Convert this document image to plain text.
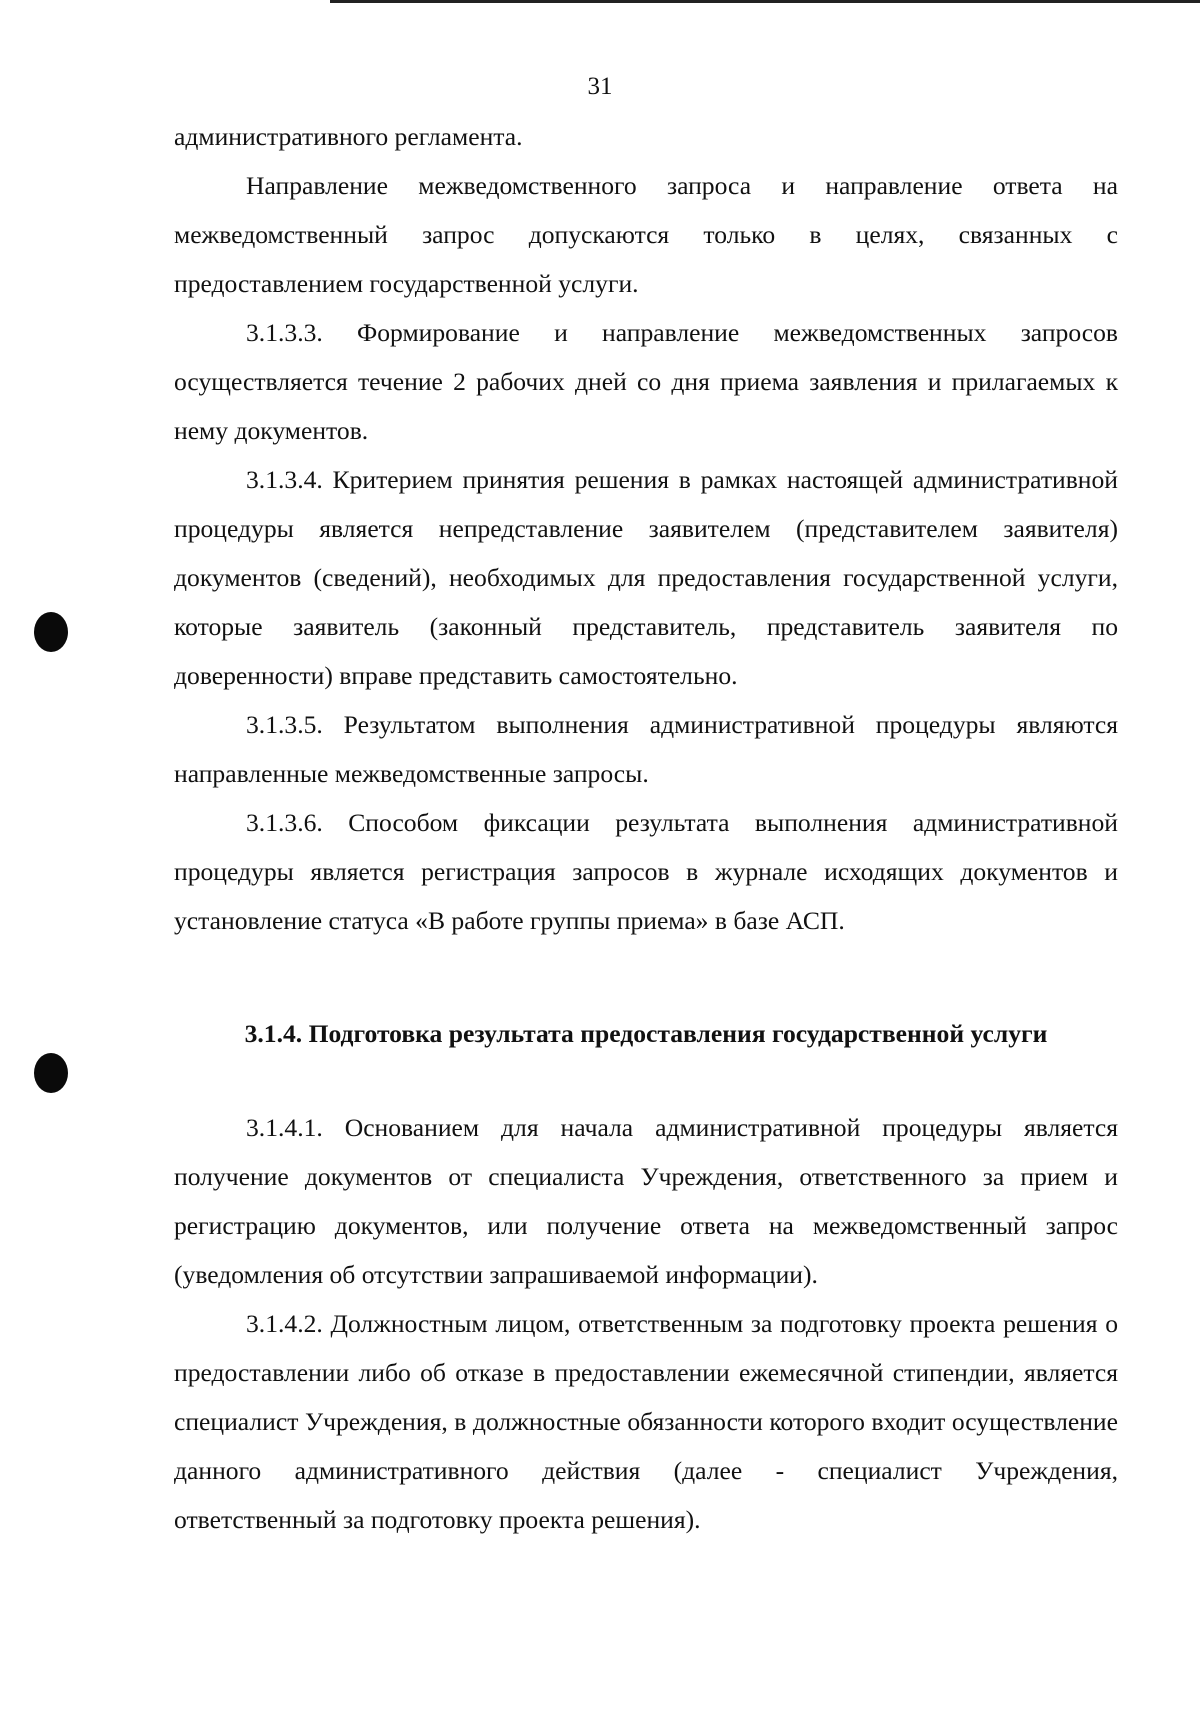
31

административного регламента.

Направление межведомственного запроса и направление ответа на межведомственный запрос допускаются только в целях, связанных с предоставлением государственной услуги.

3.1.3.3. Формирование и направление межведомственных запросов осуществляется течение 2 рабочих дней со дня приема заявления и прилагаемых к нему документов.

3.1.3.4. Критерием принятия решения в рамках настоящей административной процедуры является непредставление заявителем (представителем заявителя) документов (сведений), необходимых для предоставления государственной услуги, которые заявитель (законный представитель, представитель заявителя по доверенности) вправе представить самостоятельно.

3.1.3.5. Результатом выполнения административной процедуры являются направленные межведомственные запросы.

3.1.3.6. Способом фиксации результата выполнения административной процедуры является регистрация запросов в журнале исходящих документов и установление статуса «В работе группы приема» в базе АСП.

3.1.4. Подготовка результата предоставления государственной услуги

3.1.4.1. Основанием для начала административной процедуры является получение документов от специалиста Учреждения, ответственного за прием и регистрацию документов, или получение ответа на межведомственный запрос (уведомления об отсутствии запрашиваемой информации).

3.1.4.2. Должностным лицом, ответственным за подготовку проекта решения о предоставлении либо об отказе в предоставлении ежемесячной стипендии, является специалист Учреждения, в должностные обязанности которого входит осуществление данного административного действия (далее - специалист Учреждения, ответственный за подготовку проекта решения).
